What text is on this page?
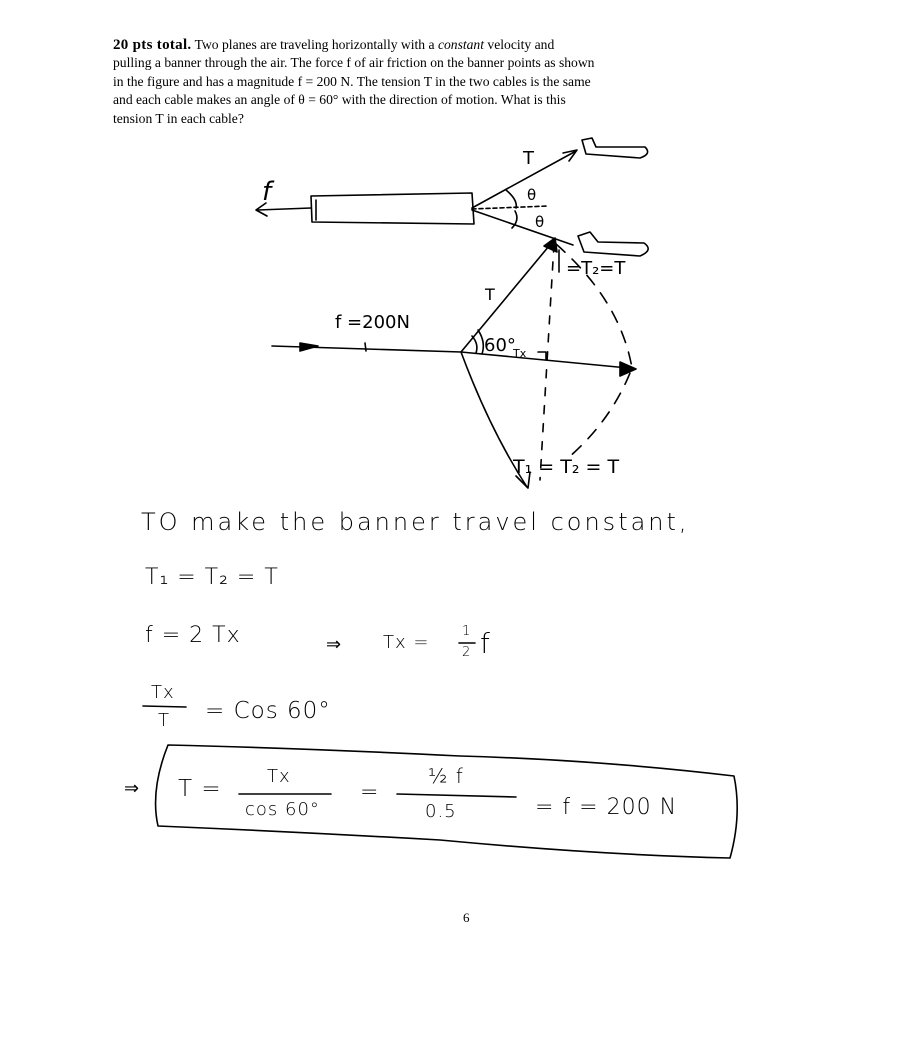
20 pts total. Two planes are traveling horizontally with a constant velocity and
pulling a banner through the air. The force f of air friction on the banner points as shown
in the figure and has a magnitude f = 200 N. The tension T in the two cables is the same
and each cable makes an angle of θ = 60° with the direction of motion. What is this
tension T in each cable?
T
f	θ
θ
=T₂=T
T
f =200N
60°
Tx
T₁ = T₂ = T
TO make the banner travel constant,
T₁ = T₂ = T
f = 2 Tx	⇒ Tx =
1
2 f
Tx
T = Cos 60°
⇒ T =	Tx
cos 60°
=
½ f
0.5	= f = 200 N
6
